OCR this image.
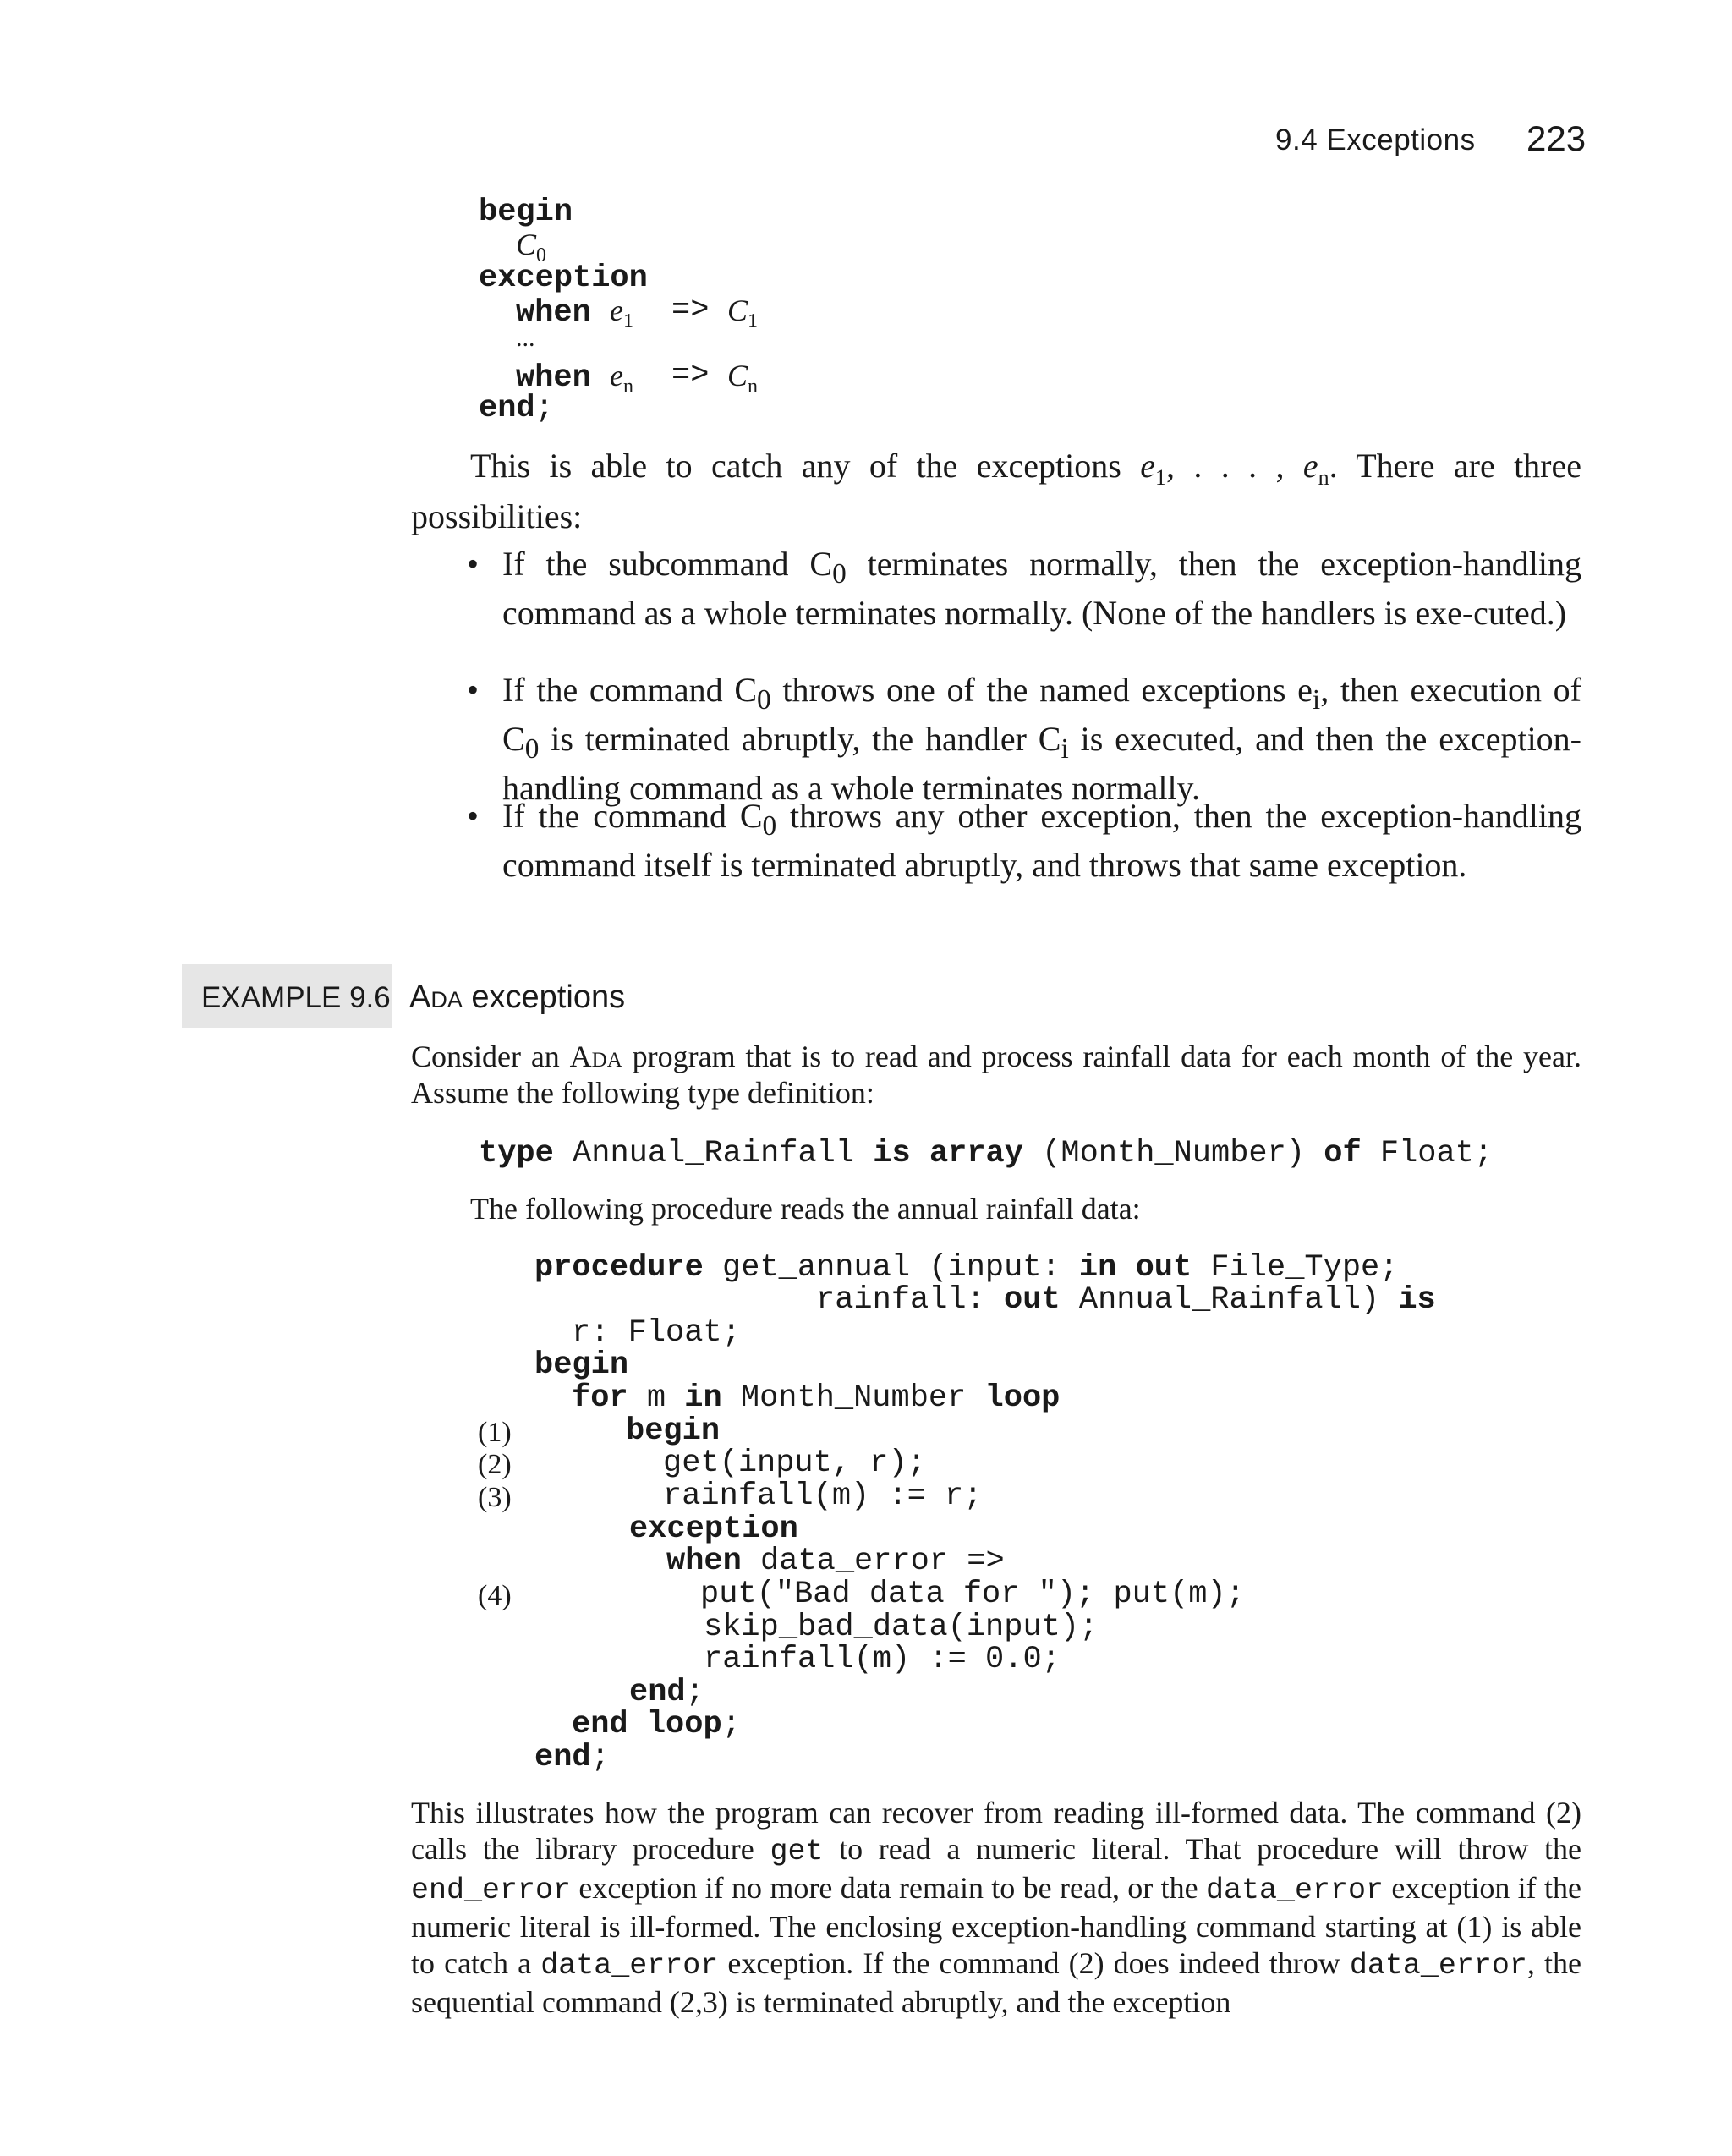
9.4 Exceptions 223

begin

$C_0$

exception

when $e_1$

=>

$C_1$

...

when $e_n$

=>

$C_n$

end;

This is able to catch any of the exceptions $e_1$, . . . , $e_n$. There are three possibilities:
• If the subcommand $C_0$ terminates normally, then the exception-handling command as a whole terminates normally. (None of the handlers is exe-cuted.)
• If the command $C_0$ throws one of the named exceptions $e_i$, then execution of $C_0$ is terminated abruptly, the handler $C_i$ is executed, and then the exception-handling command as a whole terminates normally.
• If the command $C_0$ throws any other exception, then the exception-handling command itself is terminated abruptly, and throws that same exception.
EXAMPLE 9.6 Ada exceptions
Consider an Ada program that is to read and process rainfall data for each month of the year. Assume the following type definition:
type Annual_Rainfall is array (Month_Number) of Float;
The following procedure reads the annual rainfall data:

procedure get_annual (input: in out File_Type;

rainfall: out Annual_Rainfall) is

r: Float;

begin

for m in Month_Number loop

begin

get(input, r);

rainfall(m) := r;

exception

when data_error =>

put("Bad data for "); put(m);

skip_bad_data(input);

rainfall(m) := 0.0;

end;

end loop;

end;

(1)
(2)
(3)
(4)
This illustrates how the program can recover from reading ill-formed data. The command (2) calls the library procedure get to read a numeric literal. That procedure will throw the end_error exception if no more data remain to be read, or the data_error exception if the numeric literal is ill-formed. The enclosing exception-handling command starting at (1) is able to catch a data_error exception. If the command (2) does indeed throw data_error, the sequential command (2,3) is terminated abruptly, and the exception
